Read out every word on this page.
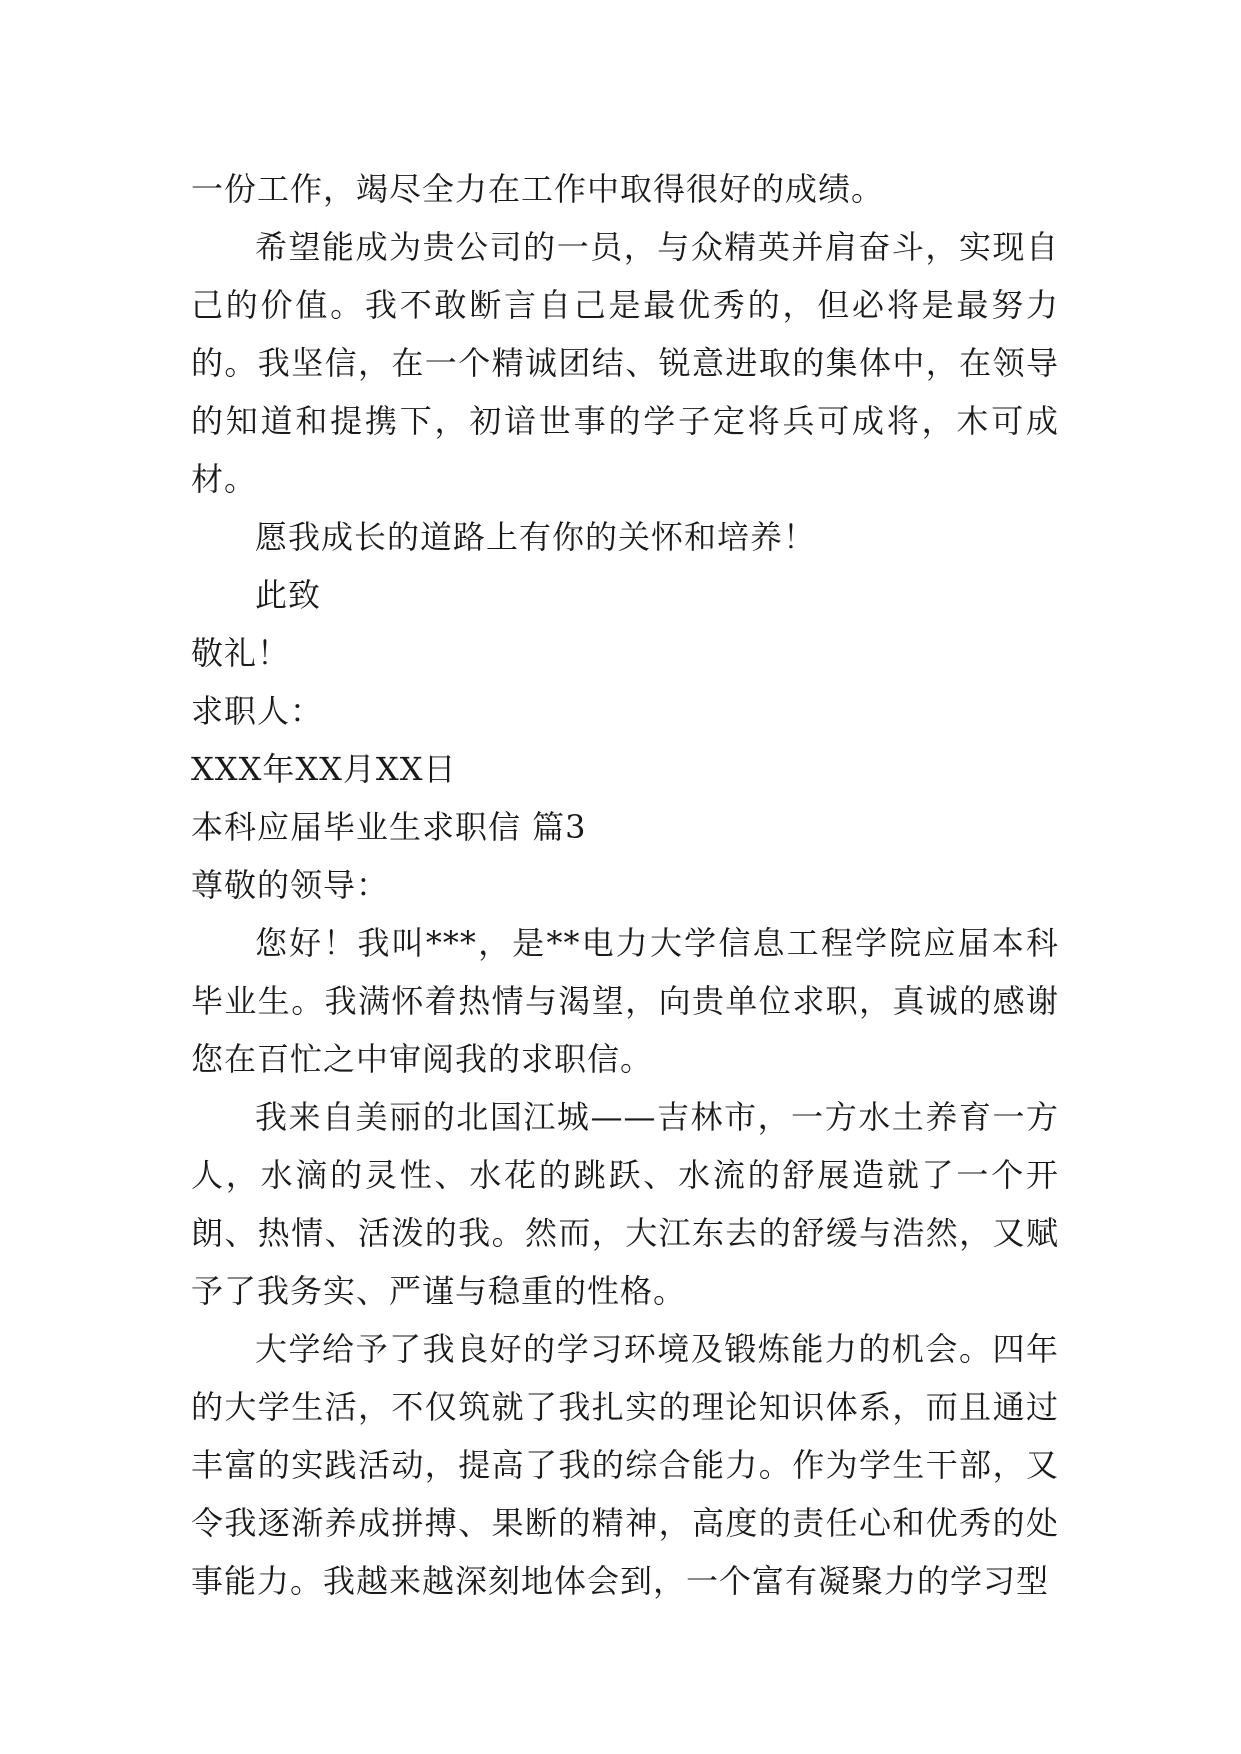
一份工作，竭尽全力在工作中取得很好的成绩。

希望能成为贵公司的一员，与众精英并肩奋斗，实现自己的价值。我不敢断言自己是最优秀的，但必将是最努力的。我坚信，在一个精诚团结、锐意进取的集体中，在领导的知道和提携下，初谙世事的学子定将兵可成将，木可成材。

愿我成长的道路上有你的关怀和培养！

此致

敬礼！

求职人：

XXX年XX月XX日

本科应届毕业生求职信 篇3

尊敬的领导：

您好！我叫***，是**电力大学信息工程学院应届本科毕业生。我满怀着热情与渴望，向贵单位求职，真诚的感谢您在百忙之中审阅我的求职信。

我来自美丽的北国江城——吉林市，一方水土养育一方人，水滴的灵性、水花的跳跃、水流的舒展造就了一个开朗、热情、活泼的我。然而，大江东去的舒缓与浩然，又赋予了我务实、严谨与稳重的性格。

大学给予了我良好的学习环境及锻炼能力的机会。四年的大学生活，不仅筑就了我扎实的理论知识体系，而且通过丰富的实践活动，提高了我的综合能力。作为学生干部，又令我逐渐养成拼搏、果断的精神，高度的责任心和优秀的处事能力。我越来越深刻地体会到，一个富有凝聚力的学习型
